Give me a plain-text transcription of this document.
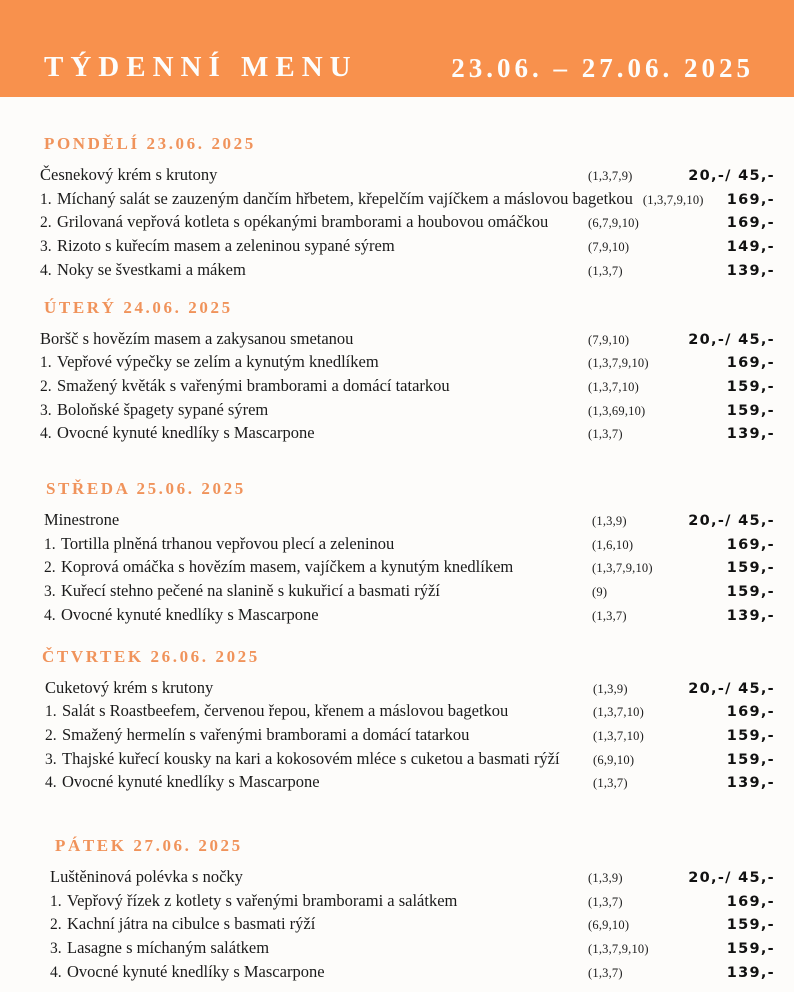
TÝDENNÍ MENU	23.06. – 27.06. 2025
PONDĚLÍ 23.06. 2025
Česnekový krém s krutony	(1,3,7,9)	20,-/ 45,-
1. Míchaný salát se zauzeným dančím hřbetem, křepelčím vajíčkem a máslovou bagetkou (1,3,7,9,10) 169,-
2. Grilovaná vepřová kotleta s opékanými bramborami a houbovou omáčkou	(6,7,9,10)	169,-
3. Rizoto s kuřecím masem a zeleninou sypané sýrem	(7,9,10)	149,-
4. Noky se švestkami a mákem	(1,3,7)	139,-
ÚTERÝ 24.06. 2025
Boršč s hovězím masem a zakysanou smetanou	(7,9,10)	20,-/ 45,-
1. Vepřové výpečky se zelím a kynutým knedlíkem	(1,3,7,9,10)	169,-
2. Smažený květák s vařenými bramborami a domácí tatarkou	(1,3,7,10)	159,-
3. Boloňské špagety sypané sýrem	(1,3,69,10)	159,-
4. Ovocné kynuté knedlíky s Mascarpone	(1,3,7)	139,-
STŘEDA 25.06. 2025
Minestrone	(1,3,9)	20,-/ 45,-
1. Tortilla plněná trhanou vepřovou plecí a zeleninou	(1,6,10)	169,-
2. Koprová omáčka s hovězím masem, vajíčkem a kynutým knedlíkem	(1,3,7,9,10)	159,-
3. Kuřecí stehno pečené na slanině s kukuřicí a basmati rýží	(9)	159,-
4. Ovocné kynuté knedlíky s Mascarpone	(1,3,7)	139,-
ČTVRTEK 26.06. 2025
Cuketový krém s krutony	(1,3,9)	20,-/ 45,-
1. Salát s Roastbeefem, červenou řepou, křenem a máslovou bagetkou	(1,3,7,10)	169,-
2. Smažený hermelín s vařenými bramborami a domácí tatarkou	(1,3,7,10)	159,-
3. Thajské kuřecí kousky na kari a kokosovém mléce s cuketou a basmati rýží	(6,9,10)	159,-
4. Ovocné kynuté knedlíky s Mascarpone	(1,3,7)	139,-
PÁTEK 27.06. 2025
Luštěninová polévka s nočky	(1,3,9)	20,-/ 45,-
1. Vepřový řízek z kotlety s vařenými bramborami a salátkem	(1,3,7)	169,-
2. Kachní játra na cibulce s basmati rýží	(6,9,10)	159,-
3. Lasagne s míchaným salátkem	(1,3,7,9,10)	159,-
4. Ovocné kynuté knedlíky s Mascarpone	(1,3,7)	139,-
